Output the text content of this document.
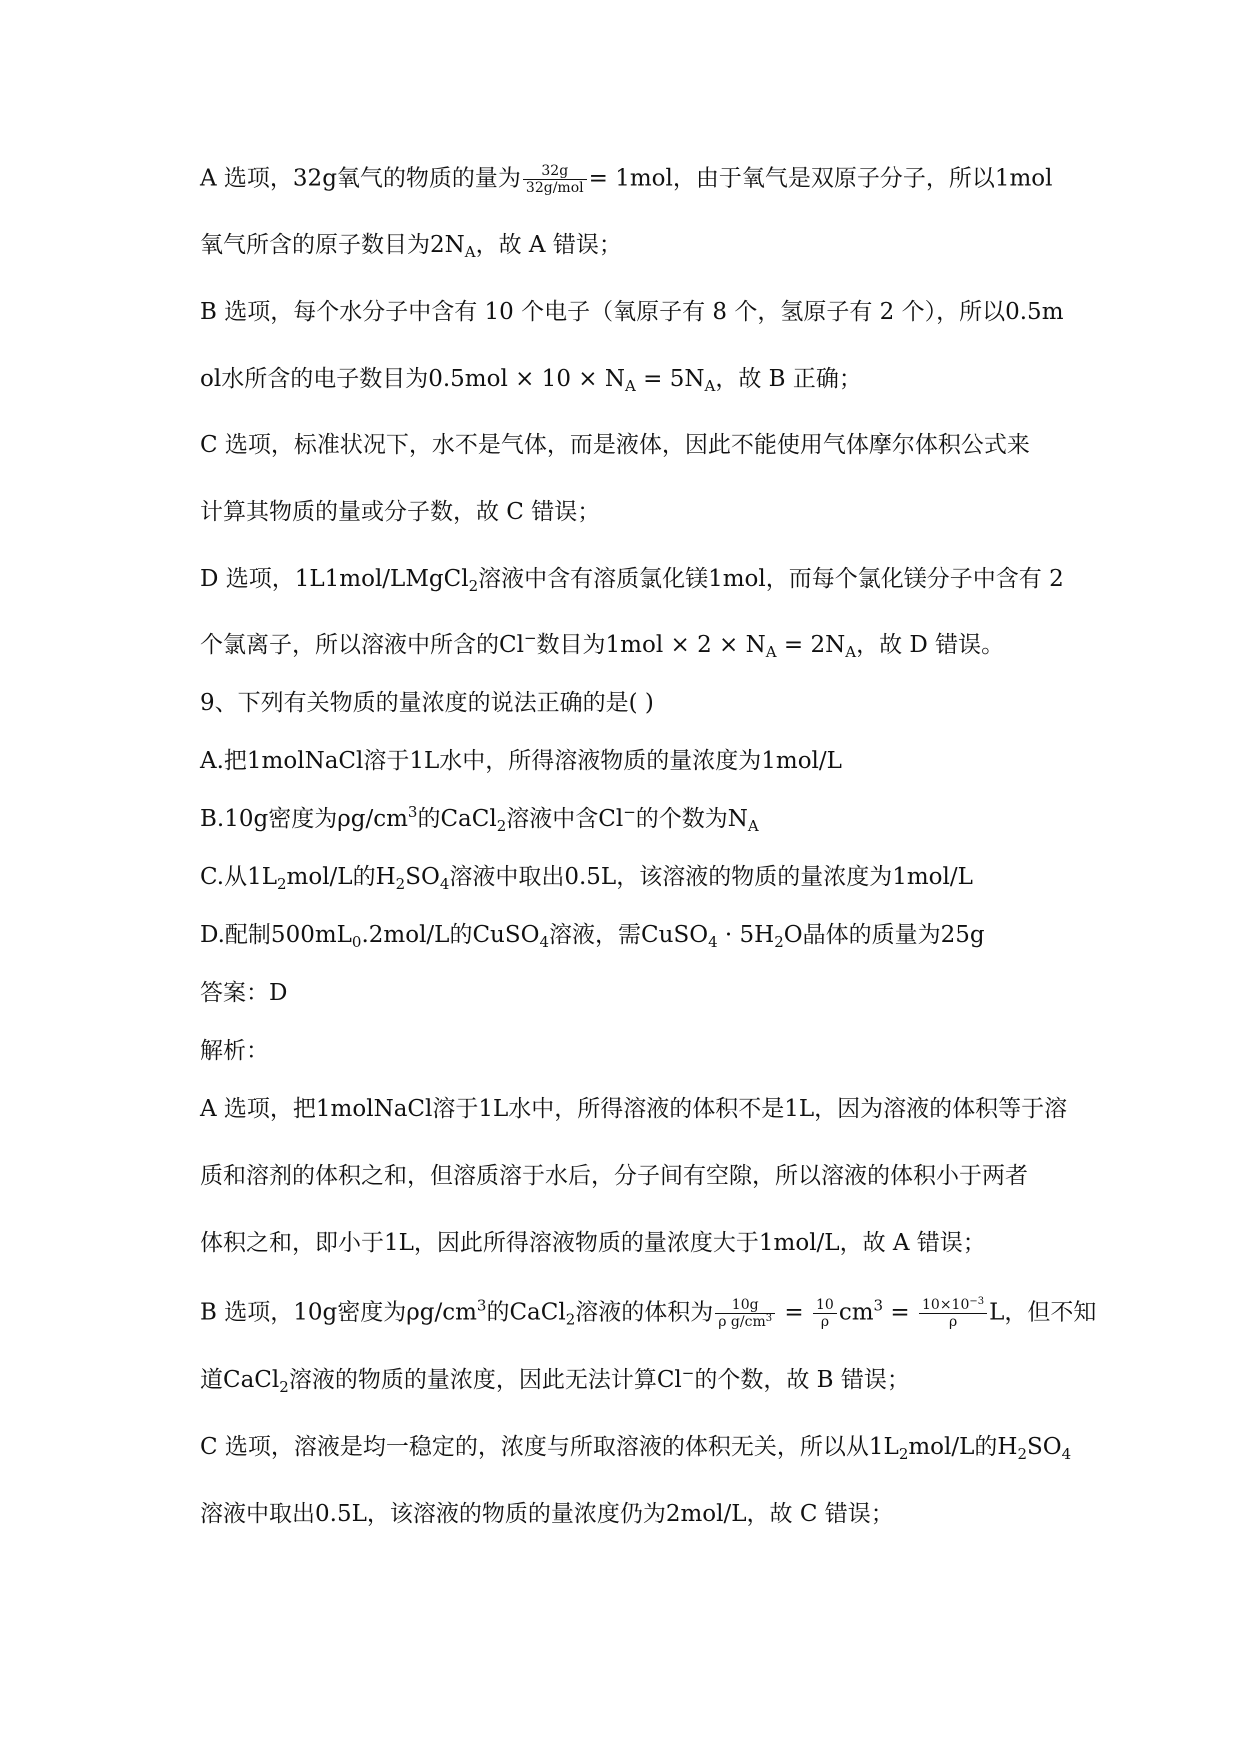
A 选项，32g氧气的物质的量为 $\frac{32g}{\text{32g/mol}} = 1mol$，由于氧气是双原子分子，所以1mol
氧气所含的原子数目为$2N_A$，故 A 错误；
B 选项，每个水分子中含有 10 个电子（氧原子有 8 个，氢原子有 2 个），所以0.5m
ol水所含的电子数目为$0.5mol \times 10 \times N_A = 5N_A$，故 B 正确；
C 选项，标准状况下，水不是气体，而是液体，因此不能使用气体摩尔体积公式来
计算其物质的量或分子数，故 C 错误；
D 选项，1L1mol/LMgCl$_2$溶液中含有溶质氯化镁1mol，而每个氯化镁分子中含有 2
个氯离子，所以溶液中所含的Cl−数目为$1mol \times 2 \times N_A = 2N_A$，故 D 错误。
9、下列有关物质的量浓度的说法正确的是( )
A.把1molNaCl溶于1L水中，所得溶液物质的量浓度为1mol/L
B.10g密度为$\rho g/cm^3$的CaCl$_2$溶液中含Cl−的个数为$N_A$
C.从$1L_2mol/L$的$H_2SO_4$溶液中取出0.5L，该溶液的物质的量浓度为1mol/L
D.配制$500mL_0.2mol/L$的CuSO$_4$溶液，需CuSO$_4$ · $5H_2O$晶体的质量为25g
答案：D
解析：
A 选项，把1molNaCl溶于1L水中，所得溶液的体积不是1L，因为溶液的体积等于溶
质和溶剂的体积之和，但溶质溶于水后，分子间有空隙，所以溶液的体积小于两者
体积之和，即小于1L，因此所得溶液物质的量浓度大于1mol/L，故 A 错误；
B 选项，10g密度为$\rho g/cm^3$的CaCl$_2$溶液的体积为 $\frac{10g}{\rho g/cm^3} = \frac{10}{\rho} cm^3 = \frac{10\times 10^{-3}}{\rho}$ L，但不知
道CaCl$_2$溶液的物质的量浓度，因此无法计算Cl−的个数，故 B 错误；
C 选项，溶液是均一稳定的，浓度与所取溶液的体积无关，所以从$1L_2mol/L$的$H_2SO_4$
溶液中取出0.5L，该溶液的物质的量浓度仍为2mol/L，故 C 错误；
